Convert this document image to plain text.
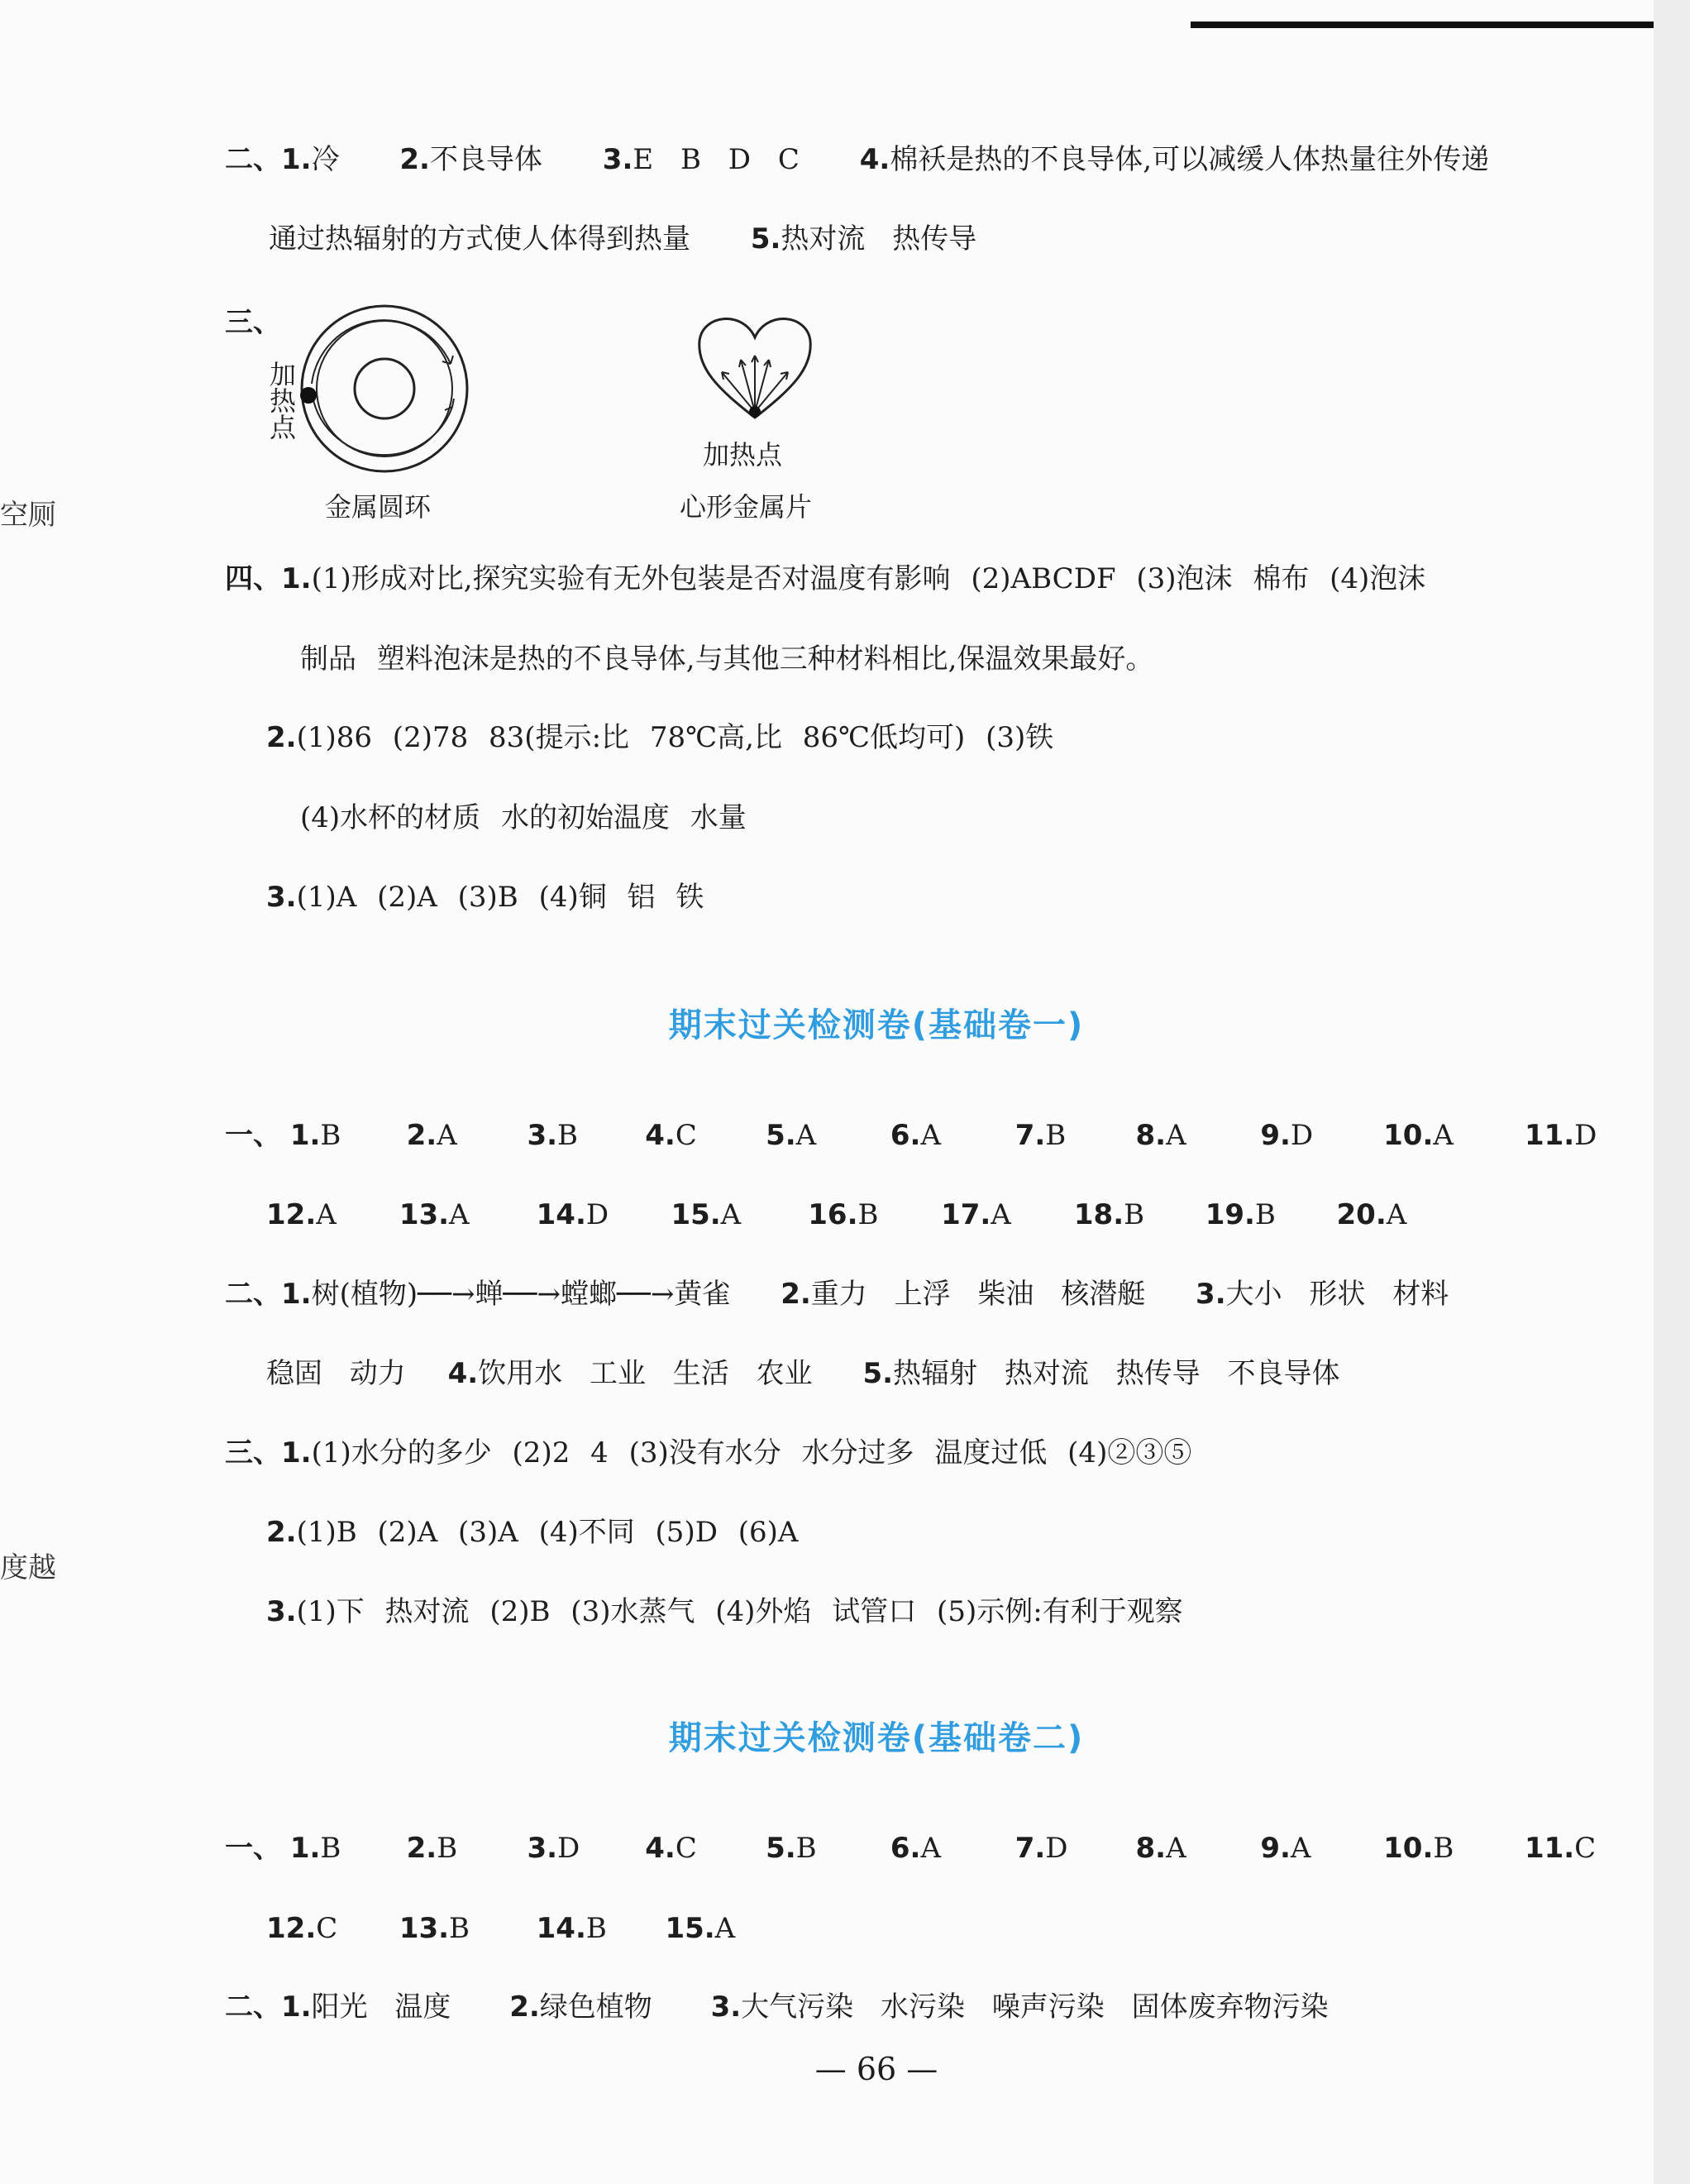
空厕
度越
二、1.冷 2.不良导体 3.E B D C 4.棉袄是热的不良导体,可以减缓人体热量往外传递
通过热辐射的方式使人体得到热量 5.热对流 热传导
三、
加热点
金属圆环
加热点
心形金属片
四、1.(1)形成对比,探究实验有无外包装是否对温度有影响 (2)ABCDF (3)泡沫 棉布 (4)泡沫
制品 塑料泡沫是热的不良导体,与其他三种材料相比,保温效果最好。
2.(1)86 (2)78 83(提示:比 78℃高,比 86℃低均可) (3)铁
(4)水杯的材质 水的初始温度 水量
3.(1)A (2)A (3)B (4)铜 铝 铁
期末过关检测卷(基础卷一)
一、 1.B 2.A 3.B 4.C 5.A	6.A	7.B 8.A	9.D 10.A	11.D
12.A 13.A 14.D 15.A 16.B 17.A 18.B 19.B 20.A
二、1.树(植物)──→蝉──→螳螂──→黄雀 2.重力 上浮 柴油 核潜艇 3.大小 形状 材料
稳固 动力 4.饮用水 工业 生活 农业 5.热辐射 热对流 热传导 不良导体
三、1.(1)水分的多少 (2)2 4 (3)没有水分 水分过多 温度过低 (4)②③⑤
2.(1)B (2)A (3)A (4)不同 (5)D (6)A
3.(1)下 热对流 (2)B (3)水蒸气 (4)外焰 试管口 (5)示例:有利于观察
期末过关检测卷(基础卷二)
一、 1.B 2.B 3.D 4.C 5.B	6.A	7.D 8.A	9.A	10.B	11.C
12.C 13.B 14.B 15.A
二、1.阳光 温度 2.绿色植物 3.大气污染 水污染 噪声污染 固体废弃物污染
— 66 —
